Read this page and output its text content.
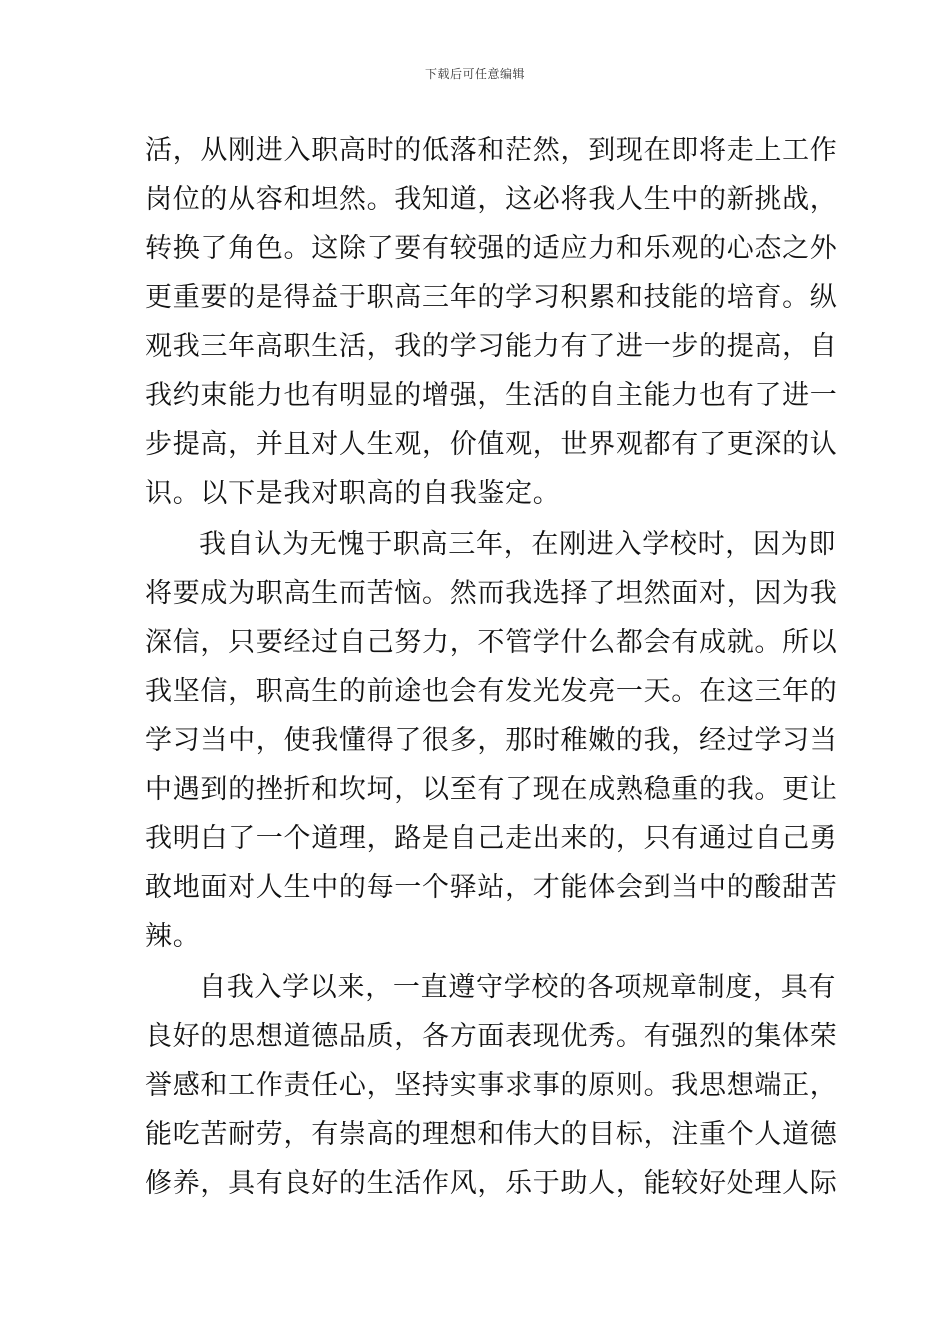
下载后可任意编辑
活，从刚进入职高时的低落和茫然，到现在即将走上工作
岗位的从容和坦然。我知道，这必将我人生中的新挑战，
转换了角色。这除了要有较强的适应力和乐观的心态之外
更重要的是得益于职高三年的学习积累和技能的培育。纵
观我三年高职生活，我的学习能力有了进一步的提高，自
我约束能力也有明显的增强，生活的自主能力也有了进一
步提高，并且对人生观，价值观，世界观都有了更深的认
识。以下是我对职高的自我鉴定。
我自认为无愧于职高三年，在刚进入学校时，因为即
将要成为职高生而苦恼。然而我选择了坦然面对，因为我
深信，只要经过自己努力，不管学什么都会有成就。所以
我坚信，职高生的前途也会有发光发亮一天。在这三年的
学习当中，使我懂得了很多，那时稚嫩的我，经过学习当
中遇到的挫折和坎坷，以至有了现在成熟稳重的我。更让
我明白了一个道理，路是自己走出来的，只有通过自己勇
敢地面对人生中的每一个驿站，才能体会到当中的酸甜苦
辣。
自我入学以来，一直遵守学校的各项规章制度，具有
良好的思想道德品质，各方面表现优秀。有强烈的集体荣
誉感和工作责任心，坚持实事求事的原则。我思想端正，
能吃苦耐劳，有崇高的理想和伟大的目标，注重个人道德
修养，具有良好的生活作风，乐于助人，能较好处理人际
